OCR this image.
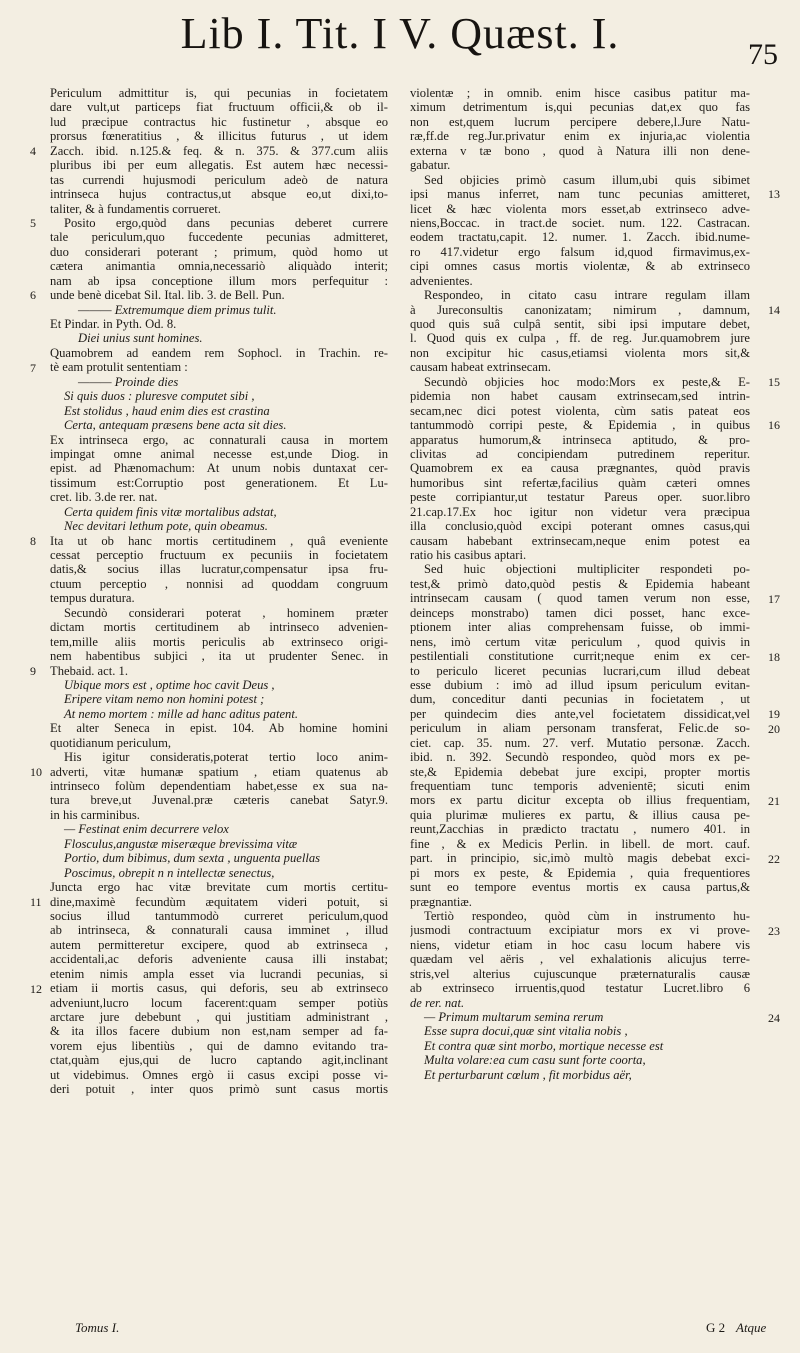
Lib I. Tit. I V. Quæst. I.	75
Periculum admittitur is, qui pecunias in focietatem
dare vult,ut particeps fiat fructuum officii,& ob il-
lud præcipue contractus hic fustinetur , absque eo
prorsus fœneratitius , & illicitus futurus , ut idem
Zacch. ibid. n.125.& feq. & n. 375. & 377.cum aliis
pluribus ibi per eum allegatis. Est autem hæc necessi-
tas currendi hujusmodi periculum adeò de natura
intrinseca hujus contractus,ut absque eo,ut dixi,to-
taliter, & à fundamentis corrueret.
Posito ergo,quòd dans pecunias deberet currere
tale periculum,quo fuccedente pecunias admitteret,
duo considerari poterant ; primum, quòd homo ut
cætera animantia omnia,necessariò aliquàdo interit;
nam ab ipsa conceptione illum mors perfequitur :
unde benè dicebat Sil. Ital. lib. 3. de Bell. Pun.
——— Extremumque diem primus tulit.
Et Pindar. in Pyth. Od. 8.
Diei unius sunt homines.
Quamobrem ad eandem rem Sophocl. in Trachin. re-
tè eam protulit sententiam :
——— Proinde dies
Si quis duos : pluresve computet sibi ,
Est stolidus , haud enim dies est crastina
Certa, antequam præsens bene acta sit dies.
Ex intrinseca ergo, ac connaturali causa in mortem
impingat omne animal necesse est,unde Diog. in
epist. ad Phænomachum: At unum nobis duntaxat cer-
tissimum est:Corruptio post generationem. Et Lu-
cret. lib. 3.de rer. nat.
Certa quidem finis vitæ mortalibus adstat,
Nec devitari lethum pote, quin obeamus.
Ita ut ob hanc mortis certitudinem , quâ eveniente
cessat perceptio fructuum ex pecuniis in focietatem
datis,& socius illas lucratur,compensatur ipsa fru-
ctuum perceptio , nonnisi ad quoddam congruum
tempus duratura.
Secundò considerari poterat , hominem præter
dictam mortis certitudinem ab intrinseco advenien-
tem,mille aliis mortis periculis ab extrinseco origi-
nem habentibus subjici , ita ut prudenter Senec. in
Thebaid. act. 1.
Ubique mors est , optime hoc cavit Deus ,
Eripere vitam nemo non homini potest ;
At nemo mortem : mille ad hanc aditus patent.
Et alter Seneca in epist. 104. Ab homine homini
quotidianum periculum,
His igitur consideratis,poterat tertio loco anim-
adverti, vitæ humanæ spatium , etiam quatenus ab
intrinseco folùm dependentiam habet,esse ex sua na-
tura breve,ut Juvenal.præ cæteris canebat Satyr.9.
in his carminibus.
— Festinat enim decurrere velox
Flosculus,angustæ miseræque brevissima vitæ
Portio, dum bibimus, dum sexta , unguenta puellas
Poscimus, obrepit n n intellectæ senectus,
Juncta ergo hac vitæ brevitate cum mortis certitu-
dine,maximè fecundùm æquitatem videri potuit, si
socius illud tantummodò curreret periculum,quod
ab intrinseca, & connaturali causa imminet , illud
autem permitteretur excipere, quod ab extrinseca ,
accidentali,ac deforis adveniente causa illi instabat;
etenim nimis ampla esset via lucrandi pecunias, si
etiam ii mortis casus, qui deforis, seu ab extrinseco
adveniunt,lucro locum facerent:quam semper potiùs
arctare jure debebunt , qui justitiam administrant ,
& ita illos facere dubium non est,nam semper ad fa-
vorem ejus libentiùs , qui de damno evitando tra-
ctat,quàm ejus,qui de lucro captando agit,inclinant
ut videbimus. Omnes ergò ii casus excipi posse vi-
deri potuit , inter quos primò sunt casus mortis
violentæ ; in omnib. enim hisce casibus patitur ma-
ximum detrimentum is,qui pecunias dat,ex quo fas
non est,quem lucrum percipere debere,l.Jure Natu-
ræ,ff.de reg.Jur.privatur enim ex injuria,ac violentia
externa v tæ bono , quod à Natura illi non dene-
gabatur.
Sed objicies primò casum illum,ubi quis sibimet
ipsi manus inferret, nam tunc pecunias amitteret,
licet & hæc violenta mors esset,ab extrinseco adve-
niens,Boccac. in tract.de societ. num. 122. Castracan.
eodem tractatu,capit. 12. numer. 1. Zacch. ibid.nume-
ro 417.videtur ergo falsum id,quod firmavimus,ex-
cipi omnes casus mortis violentæ, & ab extrinseco
advenientes.
Respondeo, in citato casu intrare regulam illam
à Jureconsultis canonizatam; nimirum , damnum,
quod quis suâ culpâ sentit, sibi ipsi imputare debet,
l. Quod quis ex culpa , ff. de reg. Jur.quamobrem jure
non excipitur hic casus,etiamsi violenta mors sit,&
causam habeat extrinsecam.
Secundò objicies hoc modo:Mors ex peste,& E-
pidemia non habet causam extrinsecam,sed intrin-
secam,nec dici potest violenta, cùm satis pateat eos
tantummodò corripi peste, & Epidemia , in quibus
apparatus humorum,& intrinseca aptitudo, & pro-
clivitas ad concipiendam putredinem reperitur.
Quamobrem ex ea causa prægnantes, quòd pravis
humoribus sint refertæ,facilius quàm cæteri omnes
peste corripiantur,ut testatur Pareus oper. suor.libro
21.cap.17.Ex hoc igitur non videtur vera præcipua
illa conclusio,quòd excipi poterant omnes casus,qui
causam habebant extrinsecam,neque enim potest ea
ratio his casibus aptari.
Sed huic objectioni multipliciter respondeti po-
test,& primò dato,quòd pestis & Epidemia habeant
intrinsecam causam ( quod tamen verum non esse,
deinceps monstrabo) tamen dici posset, hanc exce-
ptionem inter alias comprehensam fuisse, ob immi-
nens, imò certum vitæ periculum , quod quivis in
pestilentiali constitutione currit;neque enim ex cer-
to periculo liceret pecunias lucrari,cum illud debeat
esse dubium : imò ad illud ipsum periculum evitan-
dum, conceditur danti pecunias in focietatem , ut
per quindecim dies ante,vel focietatem dissidicat,vel
periculum in aliam personam transferat, Felic.de so-
ciet. cap. 35. num. 27. verf. Mutatio personæ. Zacch.
ibid. n. 392. Secundò respondeo, quòd mors ex pe-
ste,& Epidemia debebat jure excipi, propter mortis
frequentiam tunc temporis advenientē; sicuti enim
mors ex partu dicitur excepta ob illius frequentiam,
quia plurimæ mulieres ex partu, & illius causa pe-
reunt,Zacchias in prædicto tractatu , numero 401. in
fine , & ex Medicis Perlin. in libell. de mort. cauf.
part. in principio, sic,imò multò magis debebat exci-
pi mors ex peste, & Epidemia , quia frequentiores
sunt eo tempore eventus mortis ex causa partus,&
prægnantiæ.
Tertiò respondeo, quòd cùm in instrumento hu-
jusmodi contractuum excipiatur mors ex vi prove-
niens, videtur etiam in hoc casu locum habere vis
quædam vel aëris , vel exhalationis alicujus terre-
stris,vel alterius cujuscunque præternaturalis causæ
ab extrinseco irruentis,quod testatur Lucret.libro 6
de rer. nat.
— Primum multarum semina rerum
Esse supra docui,quæ sint vitalia nobis ,
Et contra quæ sint morbo, mortique necesse est
Multa volare:ea cum casu sunt forte coorta,
Et perturbarunt cœlum , fit morbidus aër,
4
5
6
7
8
9
10
11
12
13
14
15
16
17
18
19
20
21
22
23
24
Tomus I.	G 2 Atque
